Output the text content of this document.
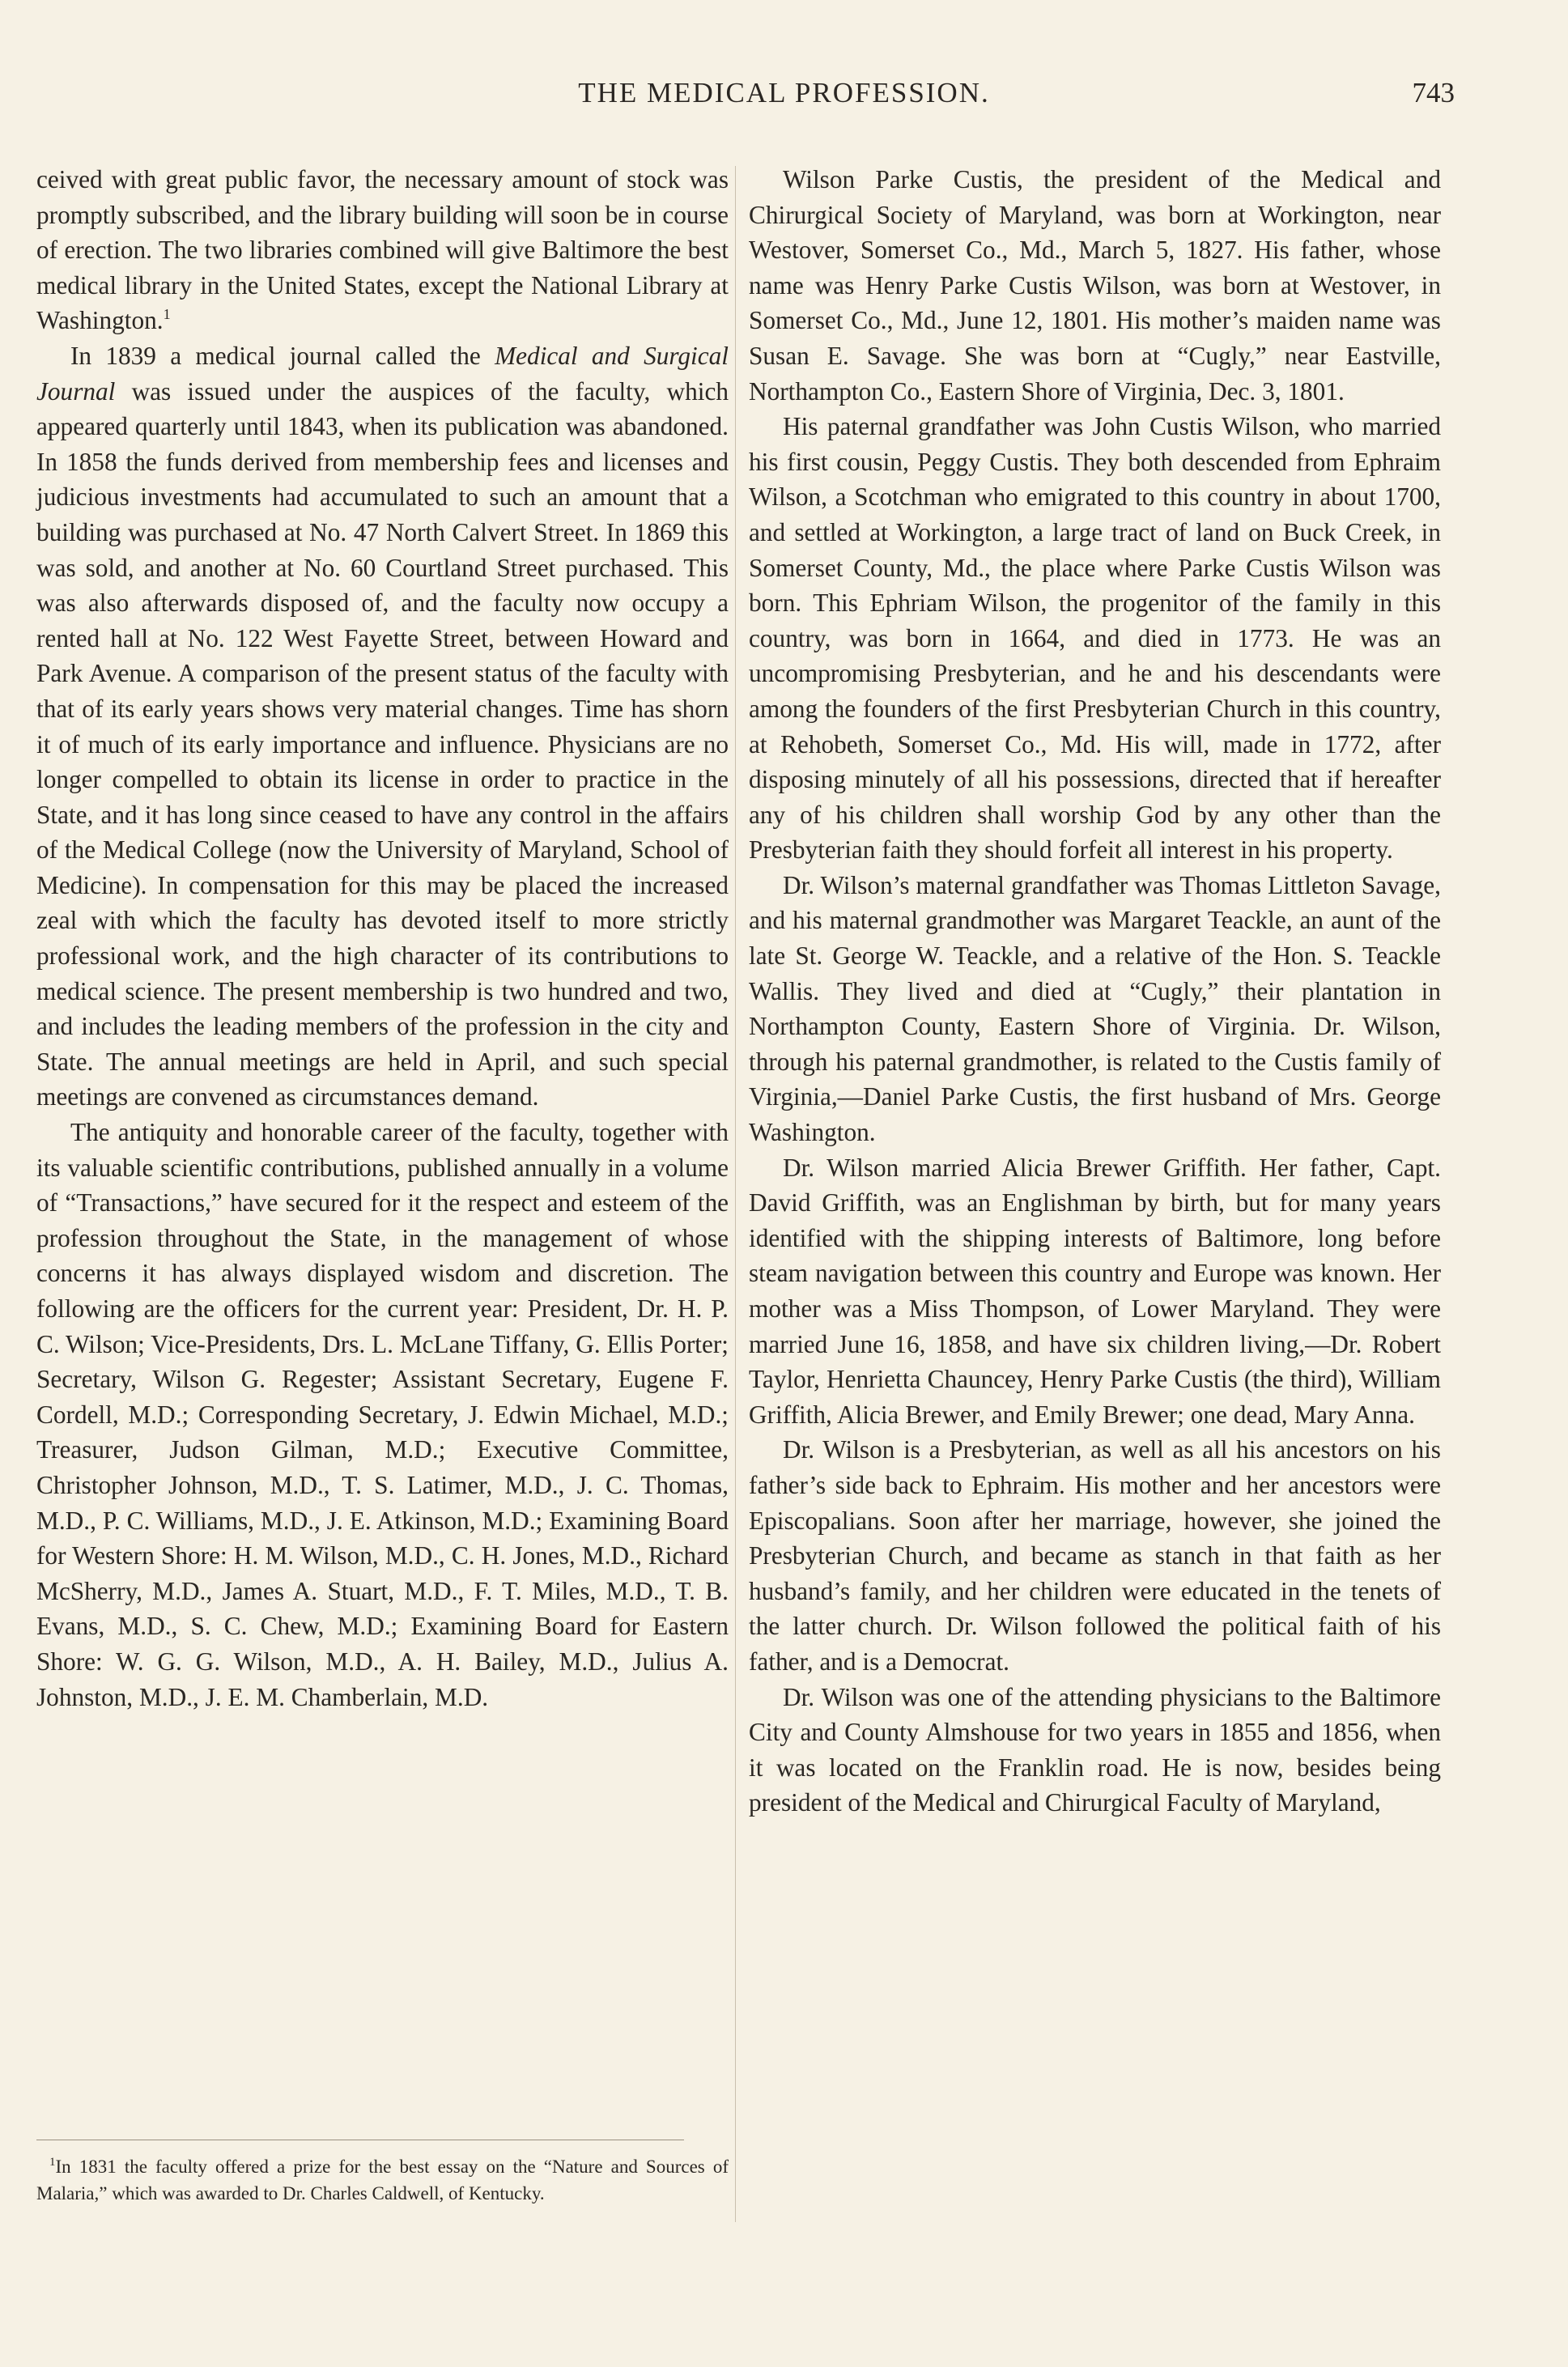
THE MEDICAL PROFESSION.	743

ceived with great public favor, the necessary amount of stock was promptly subscribed, and the library building will soon be in course of erection. The two libraries combined will give Baltimore the best medical library in the United States, except the National Library at Washington.$^1$

In 1839 a medical journal called the Medical and Surgical Journal was issued under the auspices of the faculty, which appeared quarterly until 1843, when its publication was abandoned. In 1858 the funds derived from membership fees and licenses and judicious investments had accumulated to such an amount that a building was purchased at No. 47 North Calvert Street. In 1869 this was sold, and another at No. 60 Courtland Street purchased. This was also afterwards disposed of, and the faculty now occupy a rented hall at No. 122 West Fayette Street, between Howard and Park Avenue. A comparison of the present status of the faculty with that of its early years shows very material changes. Time has shorn it of much of its early importance and influence. Physicians are no longer compelled to obtain its license in order to practice in the State, and it has long since ceased to have any control in the affairs of the Medical College (now the University of Maryland, School of Medicine). In compensation for this may be placed the increased zeal with which the faculty has devoted itself to more strictly professional work, and the high character of its contributions to medical science. The present membership is two hundred and two, and includes the leading members of the profession in the city and State. The annual meetings are held in April, and such special meetings are convened as circumstances demand.

The antiquity and honorable career of the faculty, together with its valuable scientific contributions, published annually in a volume of “Transactions,” have secured for it the respect and esteem of the profession throughout the State, in the management of whose concerns it has always displayed wisdom and discretion. The following are the officers for the current year: President, Dr. H. P. C. Wilson; Vice-Presidents, Drs. L. McLane Tiffany, G. Ellis Porter; Secretary, Wilson G. Regester; Assistant Secretary, Eugene F. Cordell, M.D.; Corresponding Secretary, J. Edwin Michael, M.D.; Treasurer, Judson Gilman, M.D.; Executive Committee, Christopher Johnson, M.D., T. S. Latimer, M.D., J. C. Thomas, M.D., P. C. Williams, M.D., J. E. Atkinson, M.D.; Examining Board for Western Shore: H. M. Wilson, M.D., C. H. Jones, M.D., Richard McSherry, M.D., James A. Stuart, M.D., F. T. Miles, M.D., T. B. Evans, M.D., S. C. Chew, M.D.; Examining Board for Eastern Shore: W. G. G. Wilson, M.D., A. H. Bailey, M.D., Julius A. Johnston, M.D., J. E. M. Chamberlain, M.D.

Wilson Parke Custis, the president of the Medical and Chirurgical Society of Maryland, was born at Workington, near Westover, Somerset Co., Md., March 5, 1827. His father, whose name was Henry Parke Custis Wilson, was born at Westover, in Somerset Co., Md., June 12, 1801. His mother’s maiden name was Susan E. Savage. She was born at “Cugly,” near Eastville, Northampton Co., Eastern Shore of Virginia, Dec. 3, 1801.

His paternal grandfather was John Custis Wilson, who married his first cousin, Peggy Custis. They both descended from Ephraim Wilson, a Scotchman who emigrated to this country in about 1700, and settled at Workington, a large tract of land on Buck Creek, in Somerset County, Md., the place where Parke Custis Wilson was born. This Ephriam Wilson, the progenitor of the family in this country, was born in 1664, and died in 1773. He was an uncompromising Presbyterian, and he and his descendants were among the founders of the first Presbyterian Church in this country, at Rehobeth, Somerset Co., Md. His will, made in 1772, after disposing minutely of all his possessions, directed that if hereafter any of his children shall worship God by any other than the Presbyterian faith they should forfeit all interest in his property.

Dr. Wilson’s maternal grandfather was Thomas Littleton Savage, and his maternal grandmother was Margaret Teackle, an aunt of the late St. George W. Teackle, and a relative of the Hon. S. Teackle Wallis. They lived and died at “Cugly,” their plantation in Northampton County, Eastern Shore of Virginia. Dr. Wilson, through his paternal grandmother, is related to the Custis family of Virginia,—Daniel Parke Custis, the first husband of Mrs. George Washington.

Dr. Wilson married Alicia Brewer Griffith. Her father, Capt. David Griffith, was an Englishman by birth, but for many years identified with the shipping interests of Baltimore, long before steam navigation between this country and Europe was known. Her mother was a Miss Thompson, of Lower Maryland. They were married June 16, 1858, and have six children living,—Dr. Robert Taylor, Henrietta Chauncey, Henry Parke Custis (the third), William Griffith, Alicia Brewer, and Emily Brewer; one dead, Mary Anna.

Dr. Wilson is a Presbyterian, as well as all his ancestors on his father’s side back to Ephraim. His mother and her ancestors were Episcopalians. Soon after her marriage, however, she joined the Presbyterian Church, and became as stanch in that faith as her husband’s family, and her children were educated in the tenets of the latter church. Dr. Wilson followed the political faith of his father, and is a Democrat.

Dr. Wilson was one of the attending physicians to the Baltimore City and County Almshouse for two years in 1855 and 1856, when it was located on the Franklin road. He is now, besides being president of the Medical and Chirurgical Faculty of Maryland,

$^1$In 1831 the faculty offered a prize for the best essay on the “Nature and Sources of Malaria,” which was awarded to Dr. Charles Caldwell, of Kentucky.
